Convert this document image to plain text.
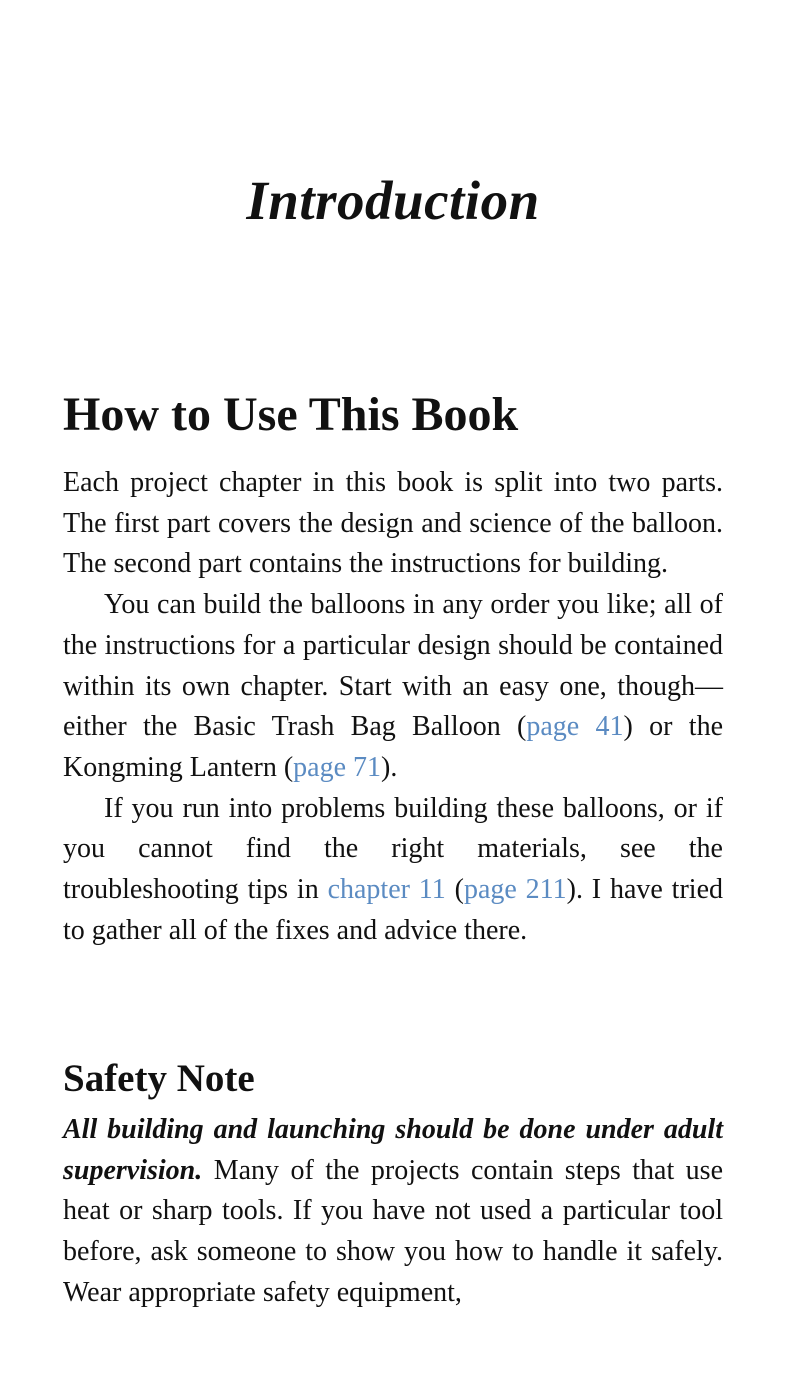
Introduction
How to Use This Book

Each project chapter in this book is split into two parts. The first part covers the design and science of the balloon. The second part contains the instructions for building.

You can build the balloons in any order you like; all of the instructions for a particular design should be contained within its own chapter. Start with an easy one, though—either the Basic Trash Bag Balloon (page 41) or the Kongming Lantern (page 71).

If you run into problems building these balloons, or if you cannot find the right materials, see the troubleshooting tips in chapter 11 (page 211). I have tried to gather all of the fixes and advice there.

Safety Note

All building and launching should be done under adult supervision. Many of the projects contain steps that use heat or sharp tools. If you have not used a particular tool before, ask someone to show you how to handle it safely. Wear appropriate safety equipment,
